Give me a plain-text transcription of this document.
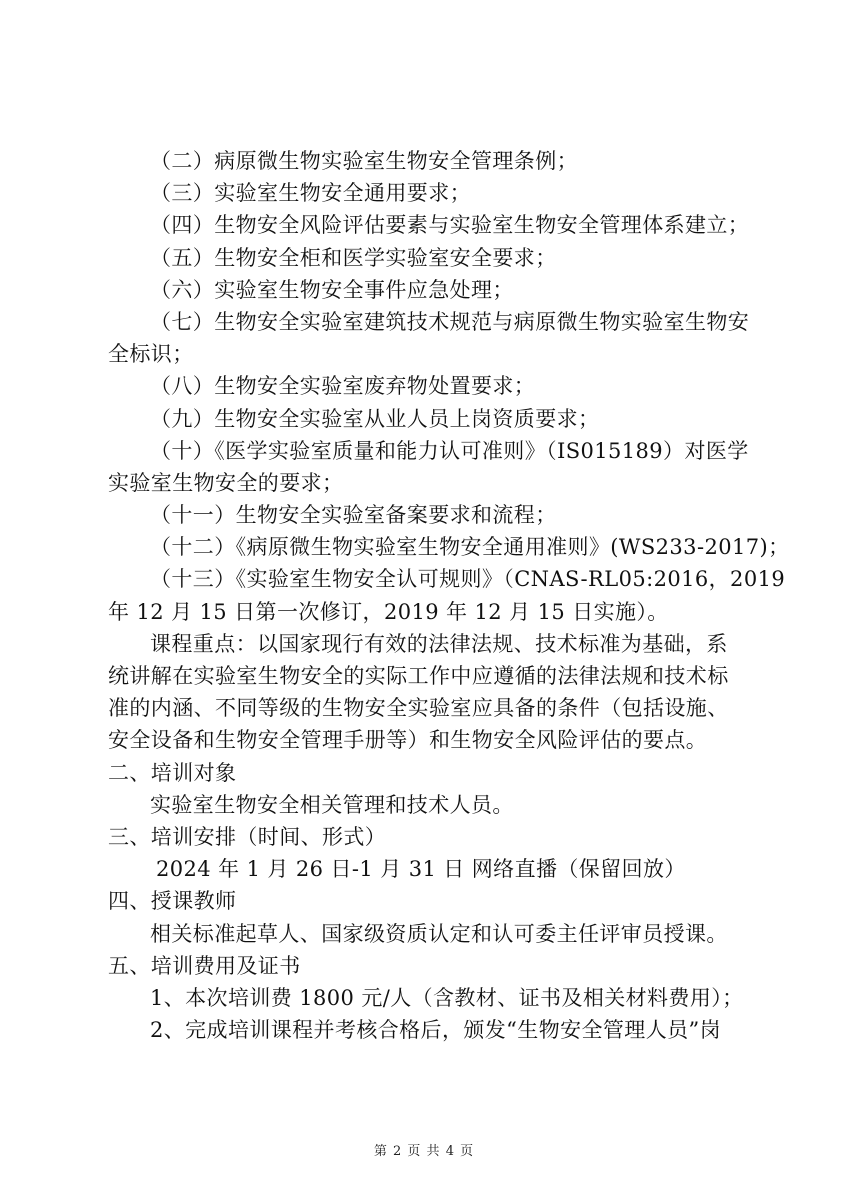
（二）病原微生物实验室生物安全管理条例；
（三）实验室生物安全通用要求；
（四）生物安全风险评估要素与实验室生物安全管理体系建立；
（五）生物安全柜和医学实验室安全要求；
（六）实验室生物安全事件应急处理；
（七）生物安全实验室建筑技术规范与病原微生物实验室生物安
全标识；
（八）生物安全实验室废弃物处置要求；
（九）生物安全实验室从业人员上岗资质要求；
（十）《医学实验室质量和能力认可准则》（IS015189）对医学
实验室生物安全的要求；
（十一）生物安全实验室备案要求和流程；
（十二）《病原微生物实验室生物安全通用准则》(WS233-2017)；
（十三）《实验室生物安全认可规则》（CNAS-RL05:2016，2019
年 12 月 15 日第一次修订，2019 年 12 月 15 日实施）。
课程重点：以国家现行有效的法律法规、技术标准为基础，系
统讲解在实验室生物安全的实际工作中应遵循的法律法规和技术标
准的内涵、不同等级的生物安全实验室应具备的条件（包括设施、
安全设备和生物安全管理手册等）和生物安全风险评估的要点。
二、培训对象
实验室生物安全相关管理和技术人员。
三、培训安排（时间、形式）
2024 年 1 月 26 日-1 月 31 日 网络直播（保留回放）
四、授课教师
相关标准起草人、国家级资质认定和认可委主任评审员授课。
五、培训费用及证书
1、本次培训费 1800 元/人（含教材、证书及相关材料费用）；
2、完成培训课程并考核合格后，颁发“生物安全管理人员”岗
第 2 页 共 4 页
